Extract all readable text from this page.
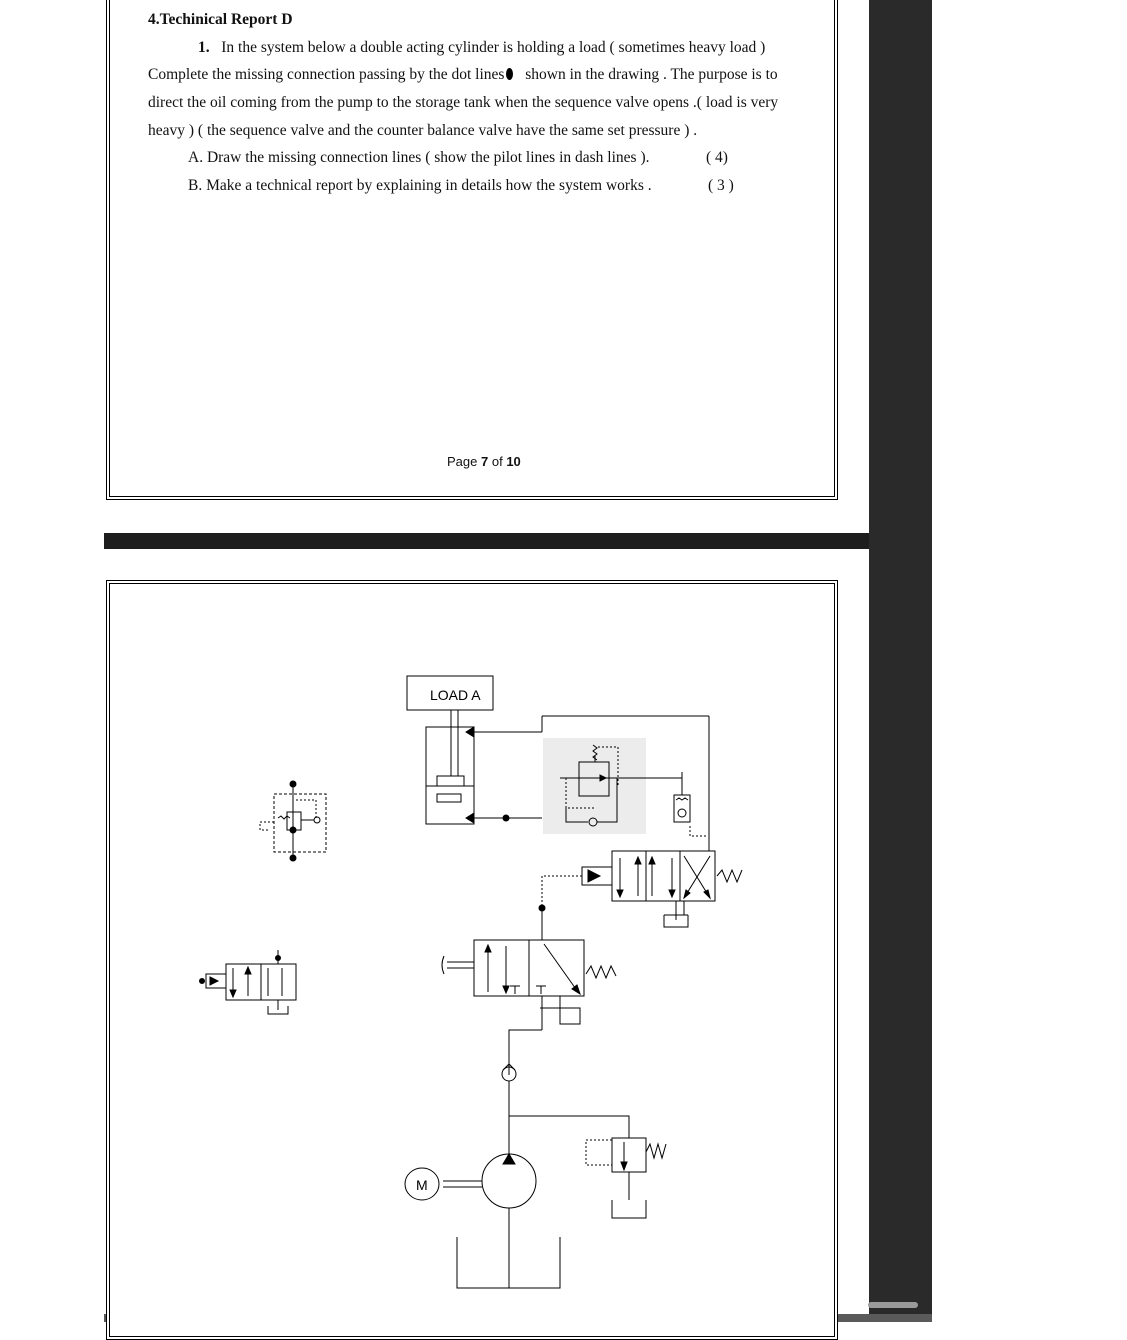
4.Techinical Report D
1. In the system below a double acting cylinder is holding a load ( sometimes heavy load )
Complete the missing connection passing by the dot lines shown in the drawing . The purpose is to
direct the oil coming from the pump to the storage tank when the sequence valve opens .( load is very
heavy ) ( the sequence valve and the counter balance valve have the same set pressure ) .
A. Draw the missing connection lines ( show the pilot lines in dash lines ).	( 4)
B. Make a technical report by explaining in details how the system works .	( 3 )
Page 7 of 10
LOAD A
M
